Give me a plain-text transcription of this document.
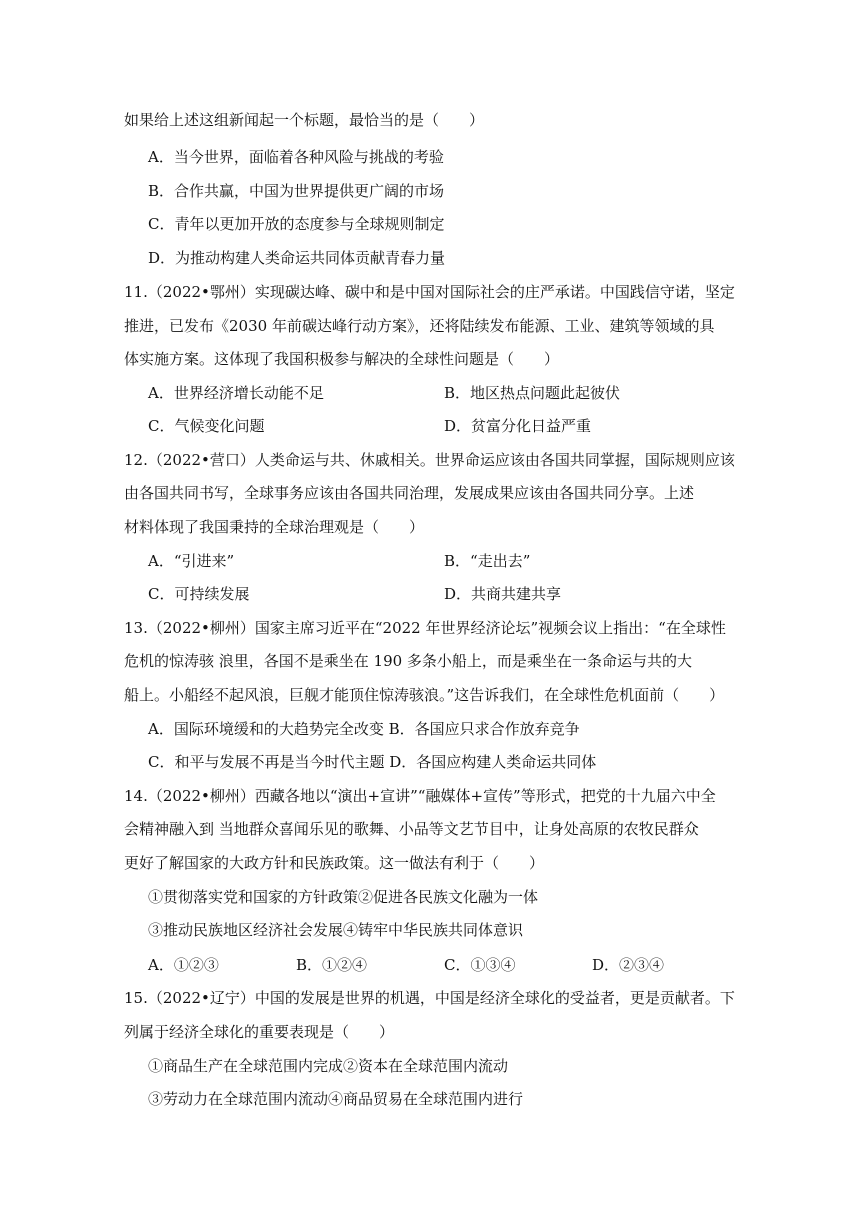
如果给上述这组新闻起一个标题，最恰当的是（　　）
A．当今世界，面临着各种风险与挑战的考验
B．合作共赢，中国为世界提供更广阔的市场
C．青年以更加开放的态度参与全球规则制定
D．为推动构建人类命运共同体贡献青春力量
11.（2022•鄂州）实现碳达峰、碳中和是中国对国际社会的庄严承诺。中国践信守诺，坚定
推进，已发布《2030 年前碳达峰行动方案》，还将陆续发布能源、工业、建筑等领域的具
体实施方案。这体现了我国积极参与解决的全球性问题是（　　）
A．世界经济增长动能不足	B．地区热点问题此起彼伏
C．气候变化问题	D．贫富分化日益严重
12.（2022•营口）人类命运与共、休戚相关。世界命运应该由各国共同掌握，国际规则应该
由各国共同书写，全球事务应该由各国共同治理，发展成果应该由各国共同分享。上述
材料体现了我国秉持的全球治理观是（　　）
A．“引进来”	B．“走出去”
C．可持续发展	D．共商共建共享
13.（2022•柳州）国家主席习近平在“2022 年世界经济论坛”视频会议上指出：“在全球性
危机的惊涛骇 浪里，各国不是乘坐在 190 多条小船上，而是乘坐在一条命运与共的大
船上。小船经不起风浪，巨舰才能顶住惊涛骇浪。”这告诉我们，在全球性危机面前（　　）
A．国际环境缓和的大趋势完全改变 B．各国应只求合作放弃竞争
C．和平与发展不再是当今时代主题 D．各国应构建人类命运共同体
14.（2022•柳州）西藏各地以“演出+宣讲”“融媒体+宣传”等形式，把党的十九届六中全
会精神融入到 当地群众喜闻乐见的歌舞、小品等文艺节目中，让身处高原的农牧民群众
更好了解国家的大政方针和民族政策。这一做法有利于（　　）
①贯彻落实党和国家的方针政策②促进各民族文化融为一体
③推动民族地区经济社会发展④铸牢中华民族共同体意识
A．①②③	B．①②④	C．①③④	D．②③④
15.（2022•辽宁）中国的发展是世界的机遇，中国是经济全球化的受益者，更是贡献者。下
列属于经济全球化的重要表现是（　　）
①商品生产在全球范围内完成②资本在全球范围内流动
③劳动力在全球范围内流动④商品贸易在全球范围内进行
